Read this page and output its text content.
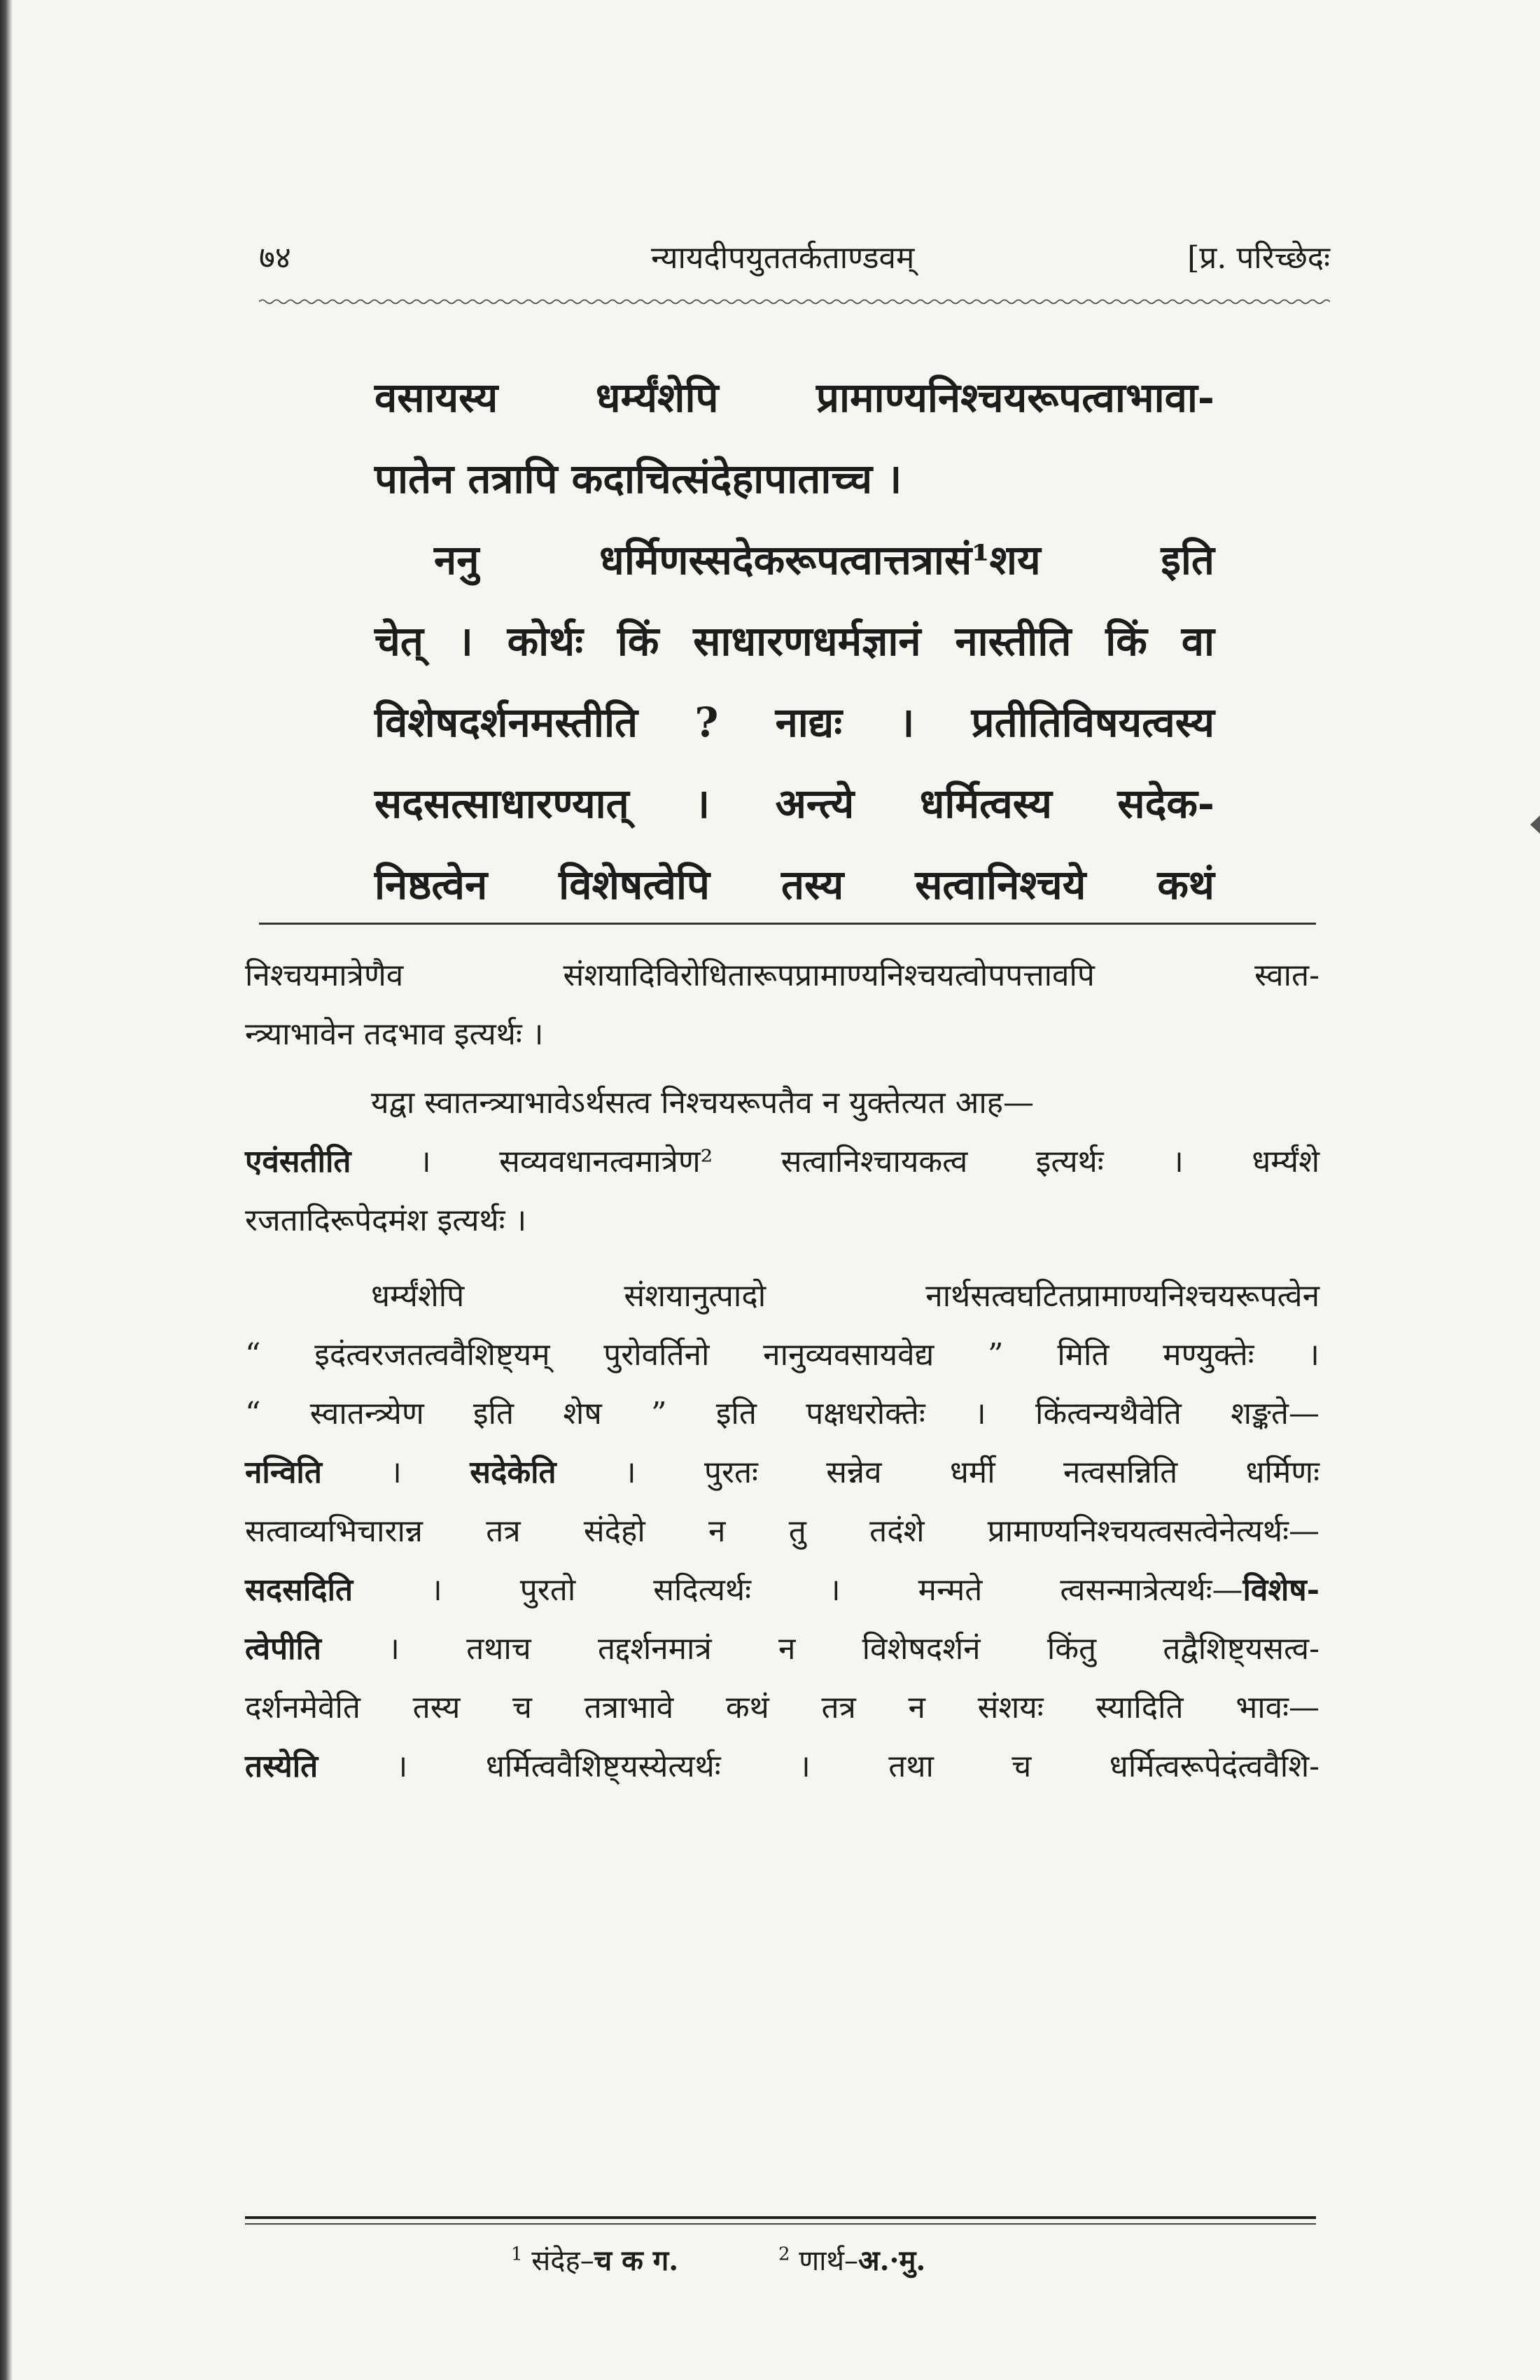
७४	न्यायदीपयुततर्कताण्डवम्	[प्र. परिच्छेदः
वसायस्य धर्म्यंशेपि प्रामाण्यनिश्चयरूपत्वाभावा-
पातेन तत्रापि कदाचित्संदेहापाताच्च ।
ननु धर्मिणस्सदेकरूपत्वात्तत्रासं¹शय इति
चेत् । कोर्थः किं साधारणधर्मज्ञानं नास्तीति किं वा
विशेषदर्शनमस्तीति ? नाद्यः । प्रतीतिविषयत्वस्य
सदसत्साधारण्यात् । अन्त्ये धर्मित्वस्य सदेक-
निष्ठत्वेन विशेषत्वेपि तस्य सत्वानिश्चये कथं
निश्चयमात्रेणैव संशयादिविरोधितारूपप्रामाण्यनिश्चयत्वोपपत्तावपि स्वात-
न्त्र्याभावेन तदभाव इत्यर्थः ।
यद्वा स्वातन्त्र्याभावेऽर्थसत्व निश्चयरूपतैव न युक्तेत्यत आह—
एवंसतीति । सव्यवधानत्वमात्रेण² सत्वानिश्चायकत्व इत्यर्थः । धर्म्यंशे
रजतादिरूपेदमंश इत्यर्थः ।
धर्म्यंशेपि संशयानुत्पादो नार्थसत्वघटितप्रामाण्यनिश्चयरूपत्वेन
“ इदंत्वरजतत्ववैशिष्ट्यम् पुरोवर्तिनो नानुव्यवसायवेद्य ” मिति मण्युक्तेः ।
“ स्वातन्त्र्येण इति शेष ” इति पक्षधरोक्तेः । किंत्वन्यथैवेति शङ्कते—
नन्विति । सदेकेति । पुरतः सन्नेव धर्मी नत्वसन्निति धर्मिणः
सत्वाव्यभिचारान्न तत्र संदेहो न तु तदंशे प्रामाण्यनिश्चयत्वसत्वेनेत्यर्थः—
सदसदिति । पुरतो सदित्यर्थः । मन्मते त्वसन्मात्रेत्यर्थः—विशेष-
त्वेपीति । तथाच तद्दर्शनमात्रं न विशेषदर्शनं किंतु तद्वैशिष्ट्यसत्व-
दर्शनमेवेति तस्य च तत्राभावे कथं तत्र न संशयः स्यादिति भावः—
तस्येति । धर्मित्ववैशिष्ट्यस्येत्यर्थः । तथा च धर्मित्वरूपेदंत्ववैशि-
$^1$ संदेह–च क ग.	$^2$ णार्थ–अ.·मु.
